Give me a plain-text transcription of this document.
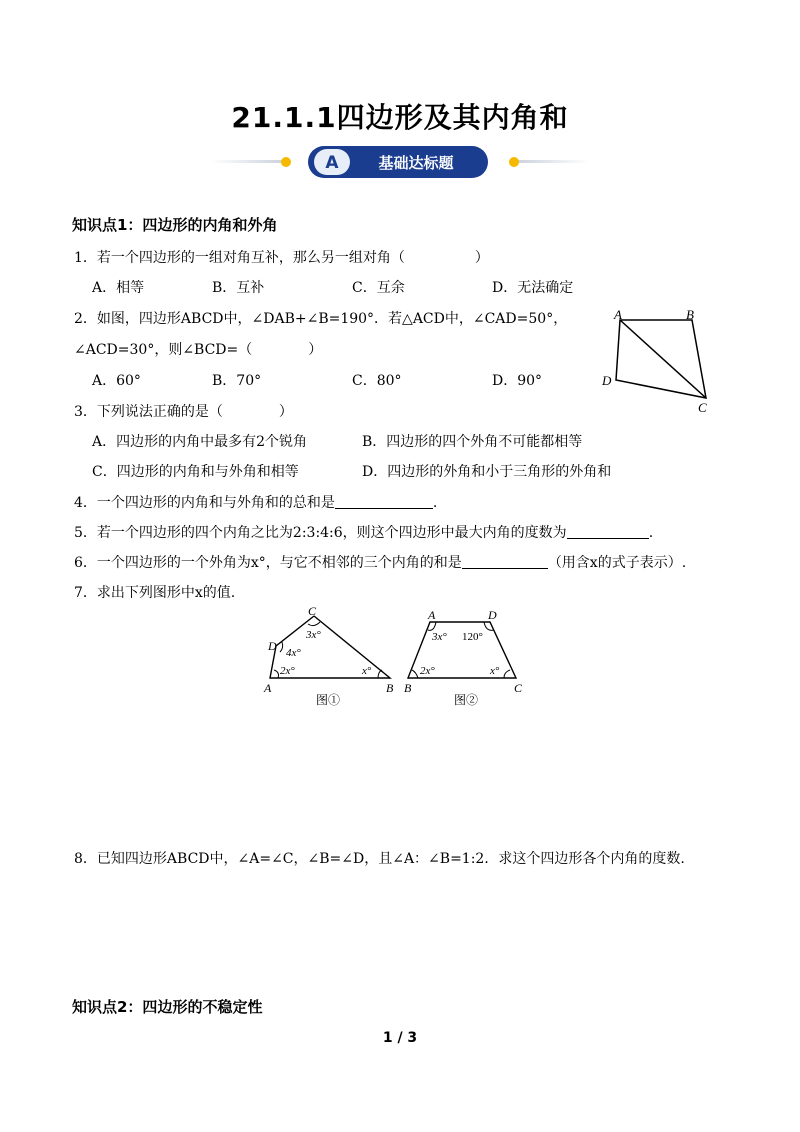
21.1.1四边形及其内角和
A	基础达标题
知识点1：四边形的内角和外角
1．若一个四边形的一组对角互补，那么另一组对角（　　　　　）
A．相等	B．互补	C．互余	D．无法确定
2．如图，四边形ABCD中，∠DAB+∠B=190°．若△ACD中，∠CAD=50°，
∠ACD=30°，则∠BCD=（　　　　）
A．60°	B．70°	C．80°	D．90°
A	B
C
D
3．下列说法正确的是（　　　　）
A．四边形的内角中最多有2个锐角	B．四边形的四个外角不可能都相等
C．四边形的内角和与外角和相等	D．四边形的外角和小于三角形的外角和
4．一个四边形的内角和与外角和的总和是	.
5．若一个四边形的四个内角之比为2:3:4:6，则这个四边形中最大内角的度数为	.
6．一个四边形的一个外角为x°，与它不相邻的三个内角的和是	（用含x的式子表示）.
7．求出下列图形中x的值.
C
D
A	B
3x°
4x°
2x°	x°
图①
A	D
B	C
3x° 120°
2x°	x°
图②
8．已知四边形ABCD中，∠A=∠C，∠B=∠D，且∠A：∠B=1:2．求这个四边形各个内角的度数.
知识点2：四边形的不稳定性
1 / 3
